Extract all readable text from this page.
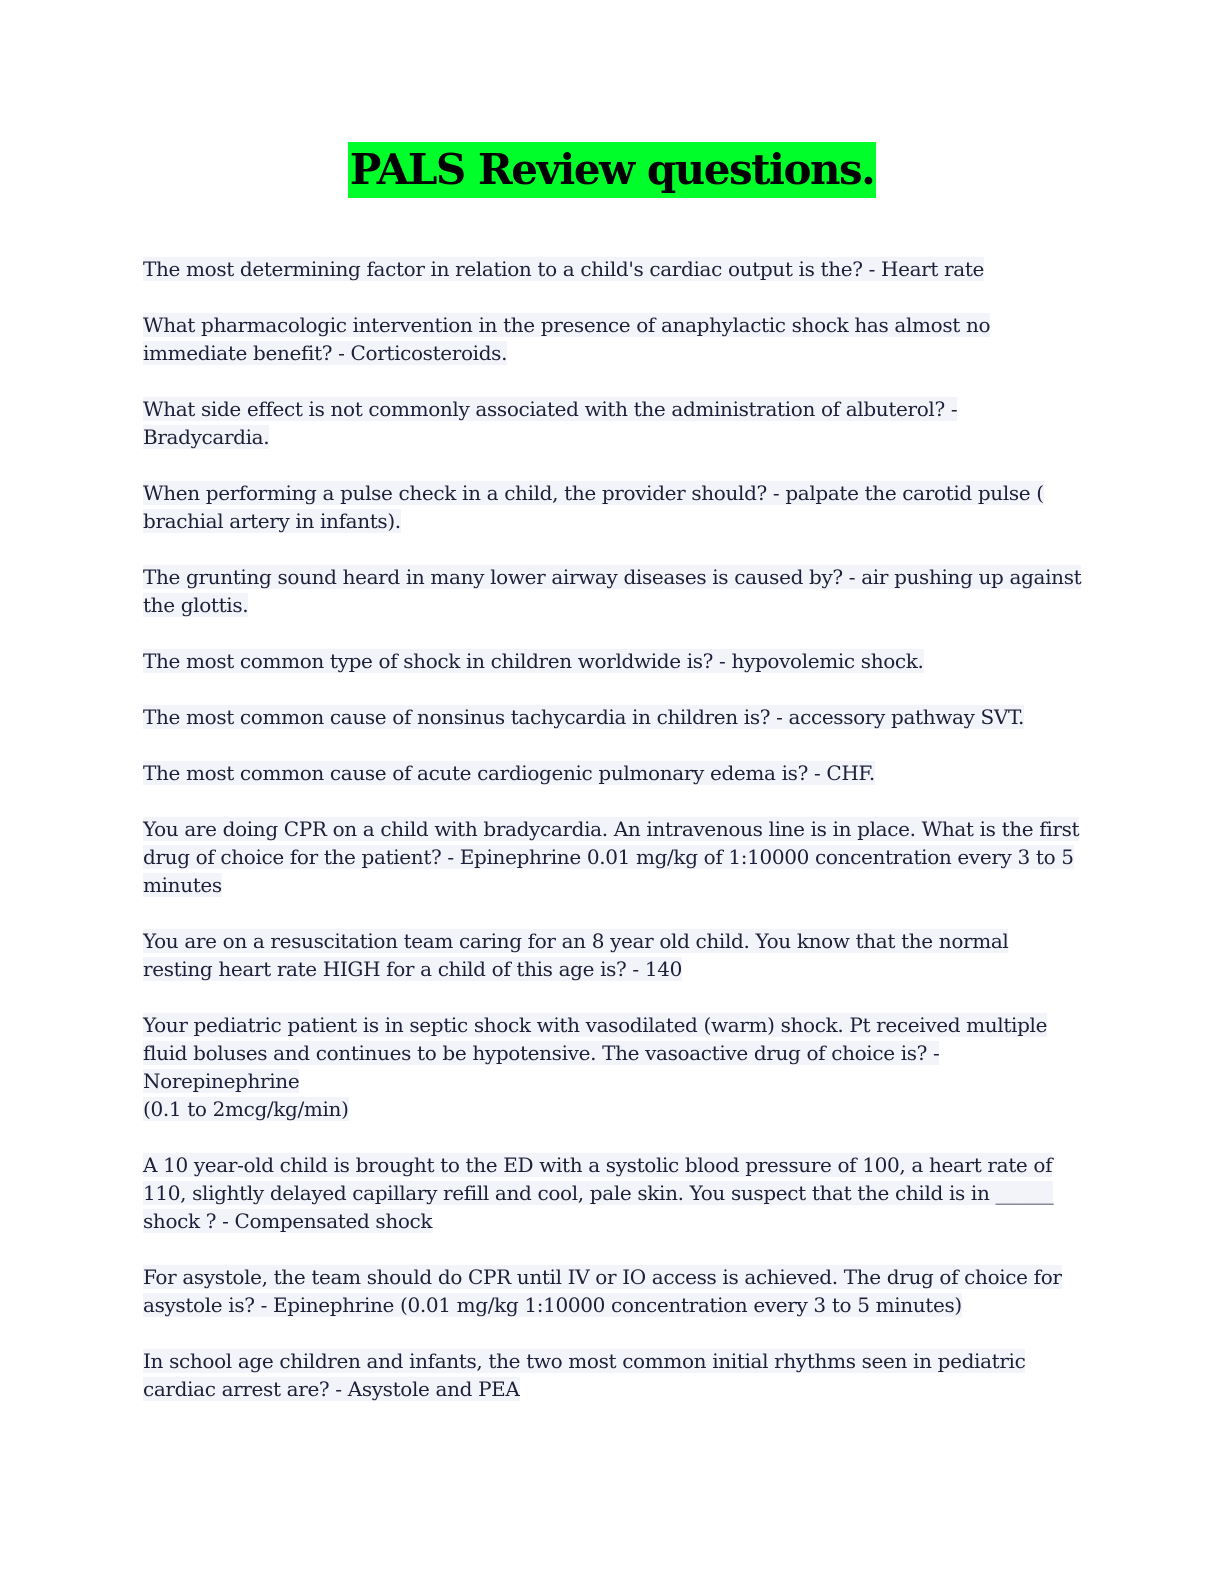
PALS Review questions.

The most determining factor in relation to a child's cardiac output is the? - Heart rate

What pharmacologic intervention in the presence of anaphylactic shock has almost no immediate benefit? - Corticosteroids.

What side effect is not commonly associated with the administration of albuterol? - Bradycardia.

When performing a pulse check in a child, the provider should? - palpate the carotid pulse ( brachial artery in infants).

The grunting sound heard in many lower airway diseases is caused by? - air pushing up against the glottis.

The most common type of shock in children worldwide is? - hypovolemic shock.

The most common cause of nonsinus tachycardia in children is? - accessory pathway SVT.

The most common cause of acute cardiogenic pulmonary edema is? - CHF.

You are doing CPR on a child with bradycardia. An intravenous line is in place. What is the first drug of choice for the patient? - Epinephrine 0.01 mg/kg of 1:10000 concentration every 3 to 5 minutes

You are on a resuscitation team caring for an 8 year old child. You know that the normal resting heart rate HIGH for a child of this age is? - 140

Your pediatric patient is in septic shock with vasodilated (warm) shock. Pt received multiple fluid boluses and continues to be hypotensive. The vasoactive drug of choice is? - Norepinephrine

(0.1 to 2mcg/kg/min)

A 10 year-old child is brought to the ED with a systolic blood pressure of 100, a heart rate of 110, slightly delayed capillary refill and cool, pale skin. You suspect that the child is in ______ shock ? - Compensated shock

For asystole, the team should do CPR until IV or IO access is achieved. The drug of choice for asystole is? - Epinephrine (0.01 mg/kg 1:10000 concentration every 3 to 5 minutes)

In school age children and infants, the two most common initial rhythms seen in pediatric cardiac arrest are? - Asystole and PEA
